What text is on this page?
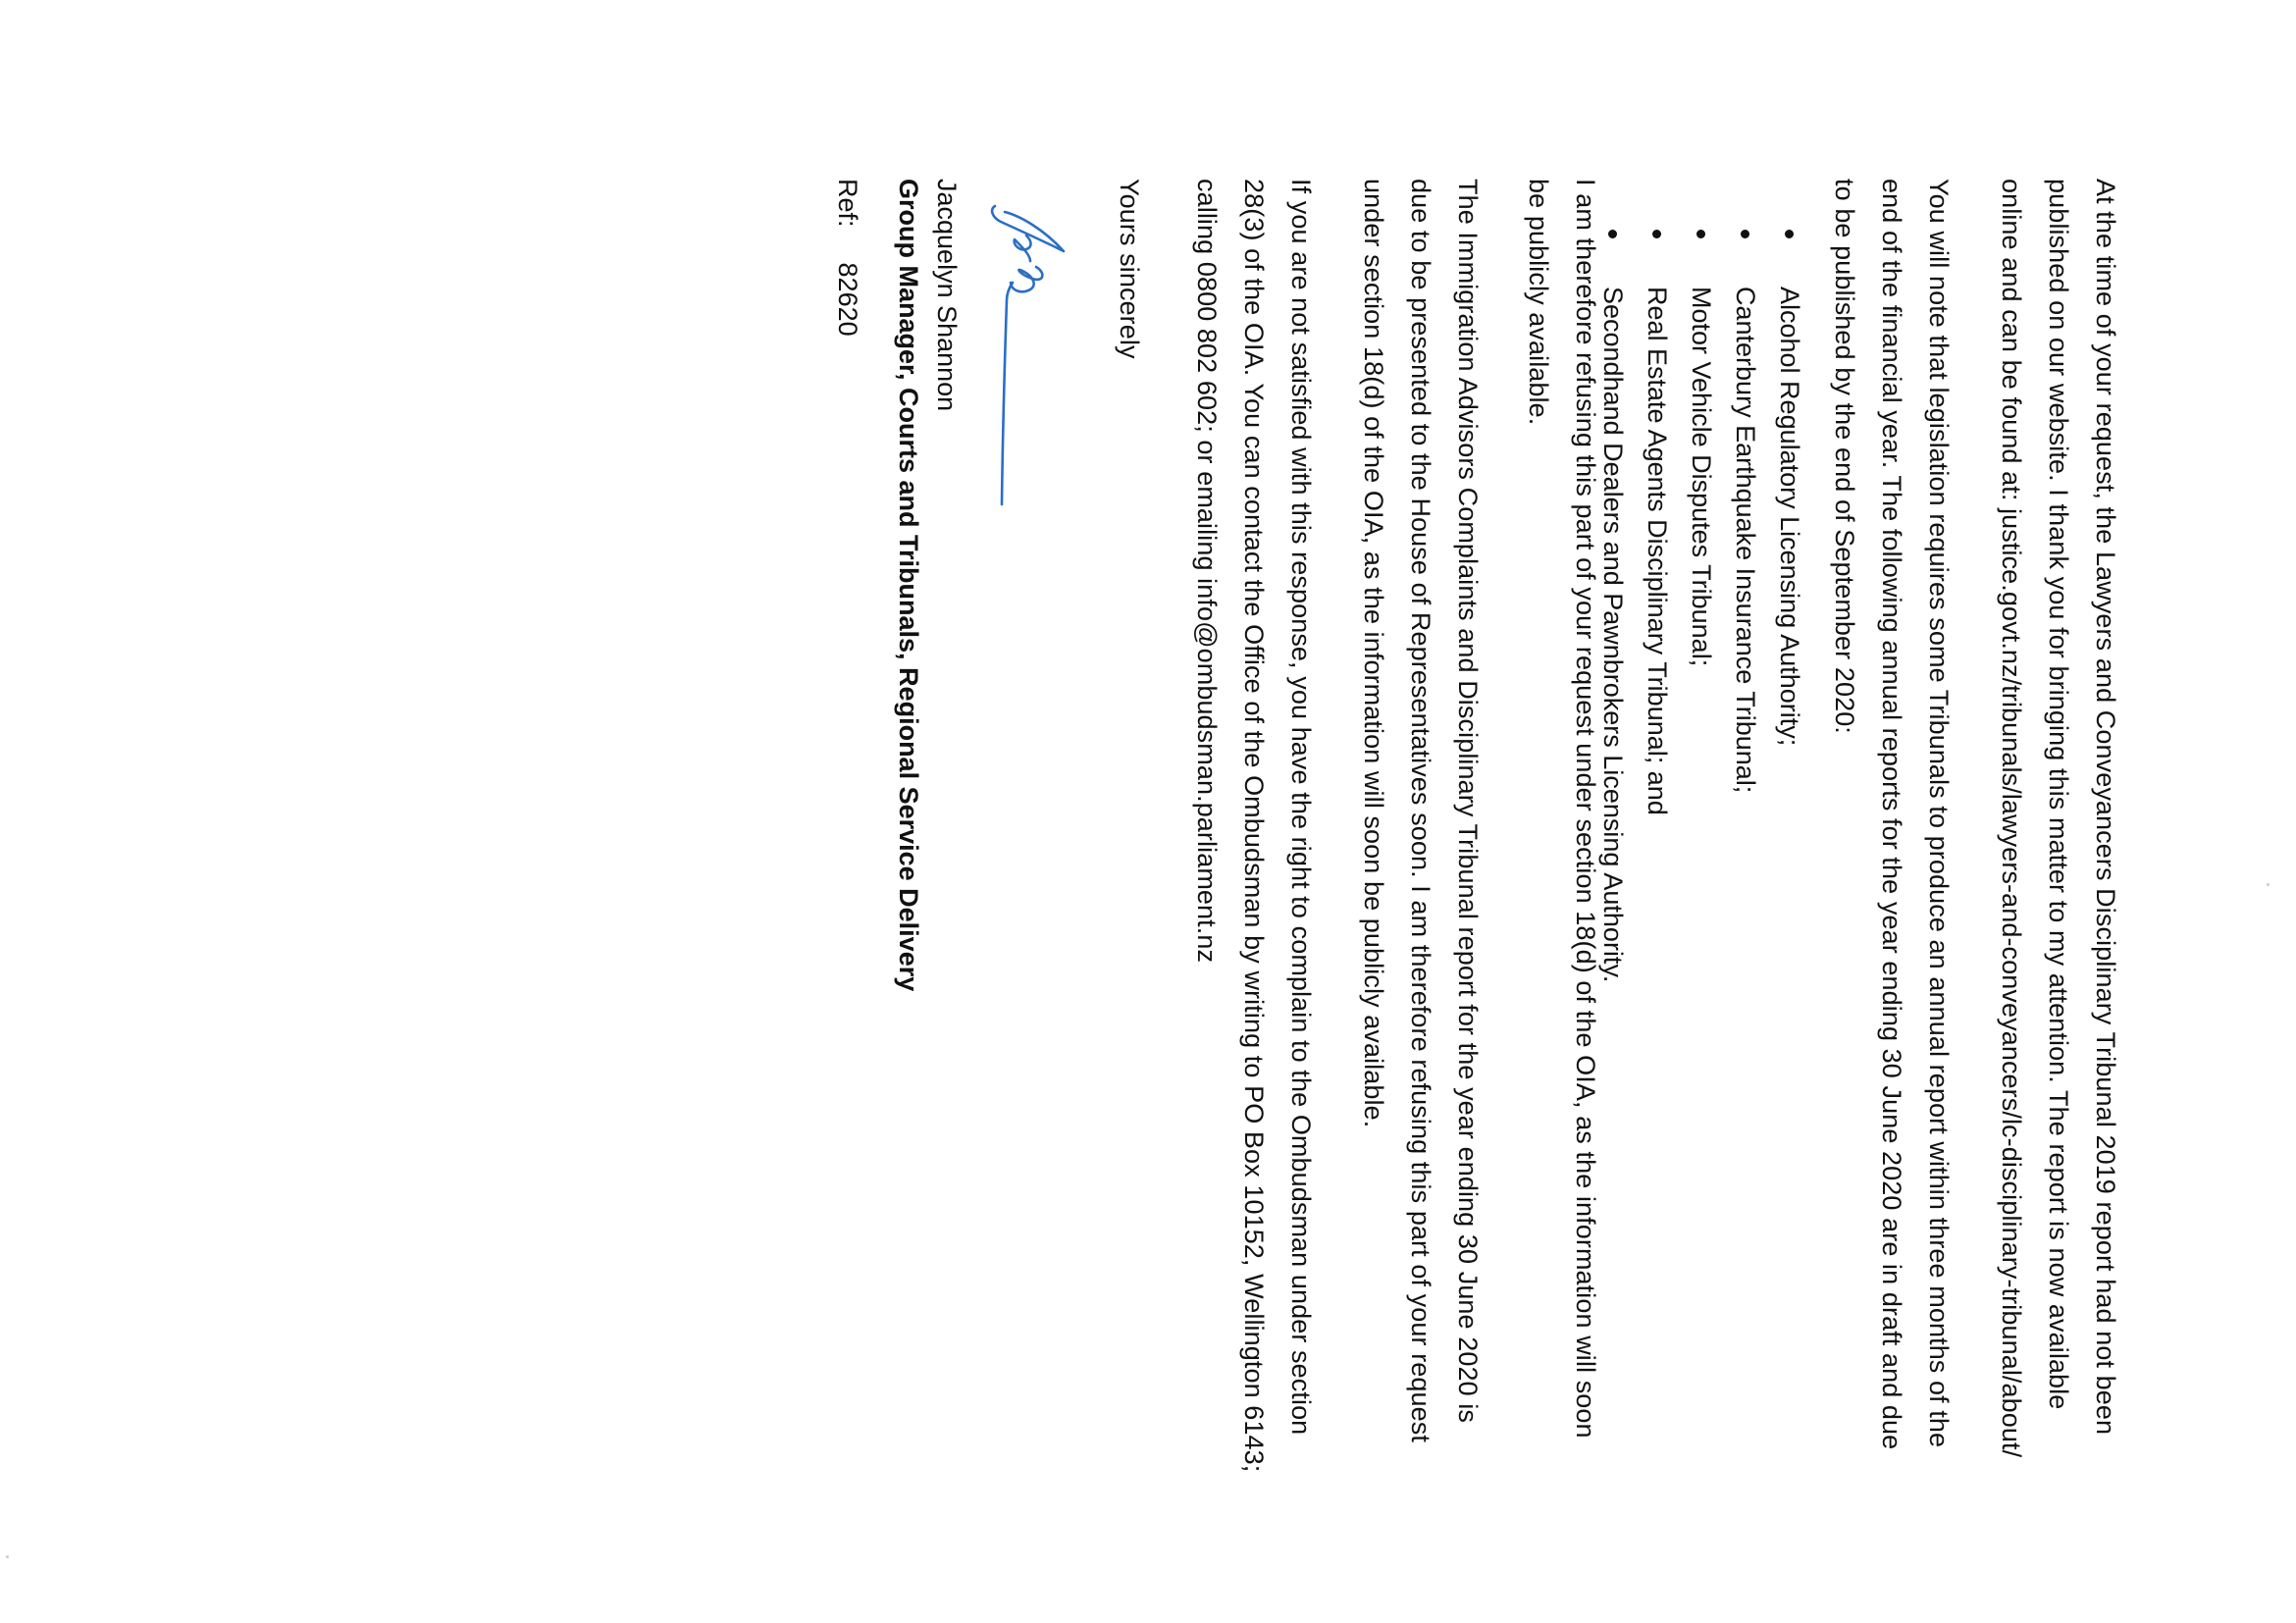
At the time of your request, the Lawyers and Conveyancers Disciplinary Tribunal 2019 report had not been published on our website. I thank you for bringing this matter to my attention. The report is now available online and can be found at: justice.govt.nz/tribunals/lawyers-and-conveyancers/lc-disciplinary-tribunal/about/

You will note that legislation requires some Tribunals to produce an annual report within three months of the end of the financial year. The following annual reports for the year ending 30 June 2020 are in draft and due to be published by the end of September 2020:

Alcohol Regulatory Licensing Authority;
Canterbury Earthquake Insurance Tribunal;
Motor Vehicle Disputes Tribunal;
Real Estate Agents Disciplinary Tribunal; and
Secondhand Dealers and Pawnbrokers Licensing Authority.

I am therefore refusing this part of your request under section 18(d) of the OIA, as the information will soon be publicly available.

The Immigration Advisors Complaints and Disciplinary Tribunal report for the year ending 30 June 2020 is due to be presented to the House of Representatives soon. I am therefore refusing this part of your request under section 18(d) of the OIA, as the information will soon be publicly available.

If you are not satisfied with this response, you have the right to complain to the Ombudsman under section 28(3) of the OIA. You can contact the Office of the Ombudsman by writing to PO Box 10152, Wellington 6143; calling 0800 802 602; or emailing info@ombudsman.parliament.nz

Yours sincerely

Jacquelyn Shannon

Group Manager, Courts and Tribunals, Regional Service Delivery

Ref:82620
